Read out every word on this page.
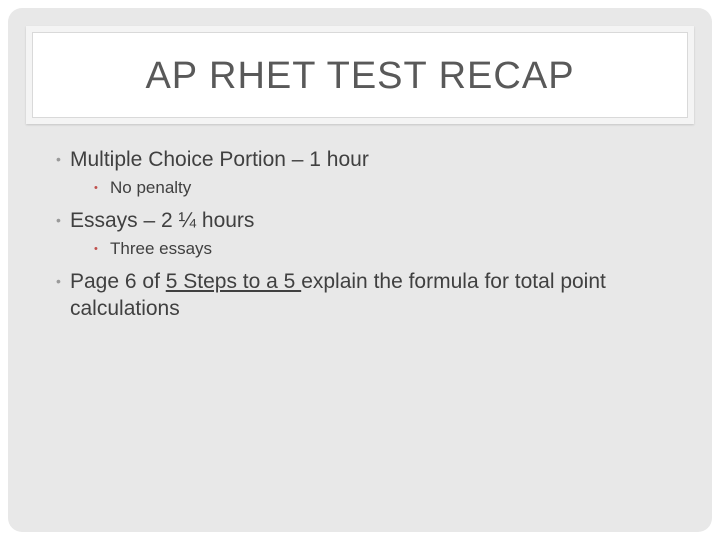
AP RHET TEST RECAP
• Multiple Choice Portion – 1 hour
• No penalty
• Essays – 2 ¼ hours
• Three essays
• Page 6 of 5 Steps to a 5 explain the formula for total point calculations
